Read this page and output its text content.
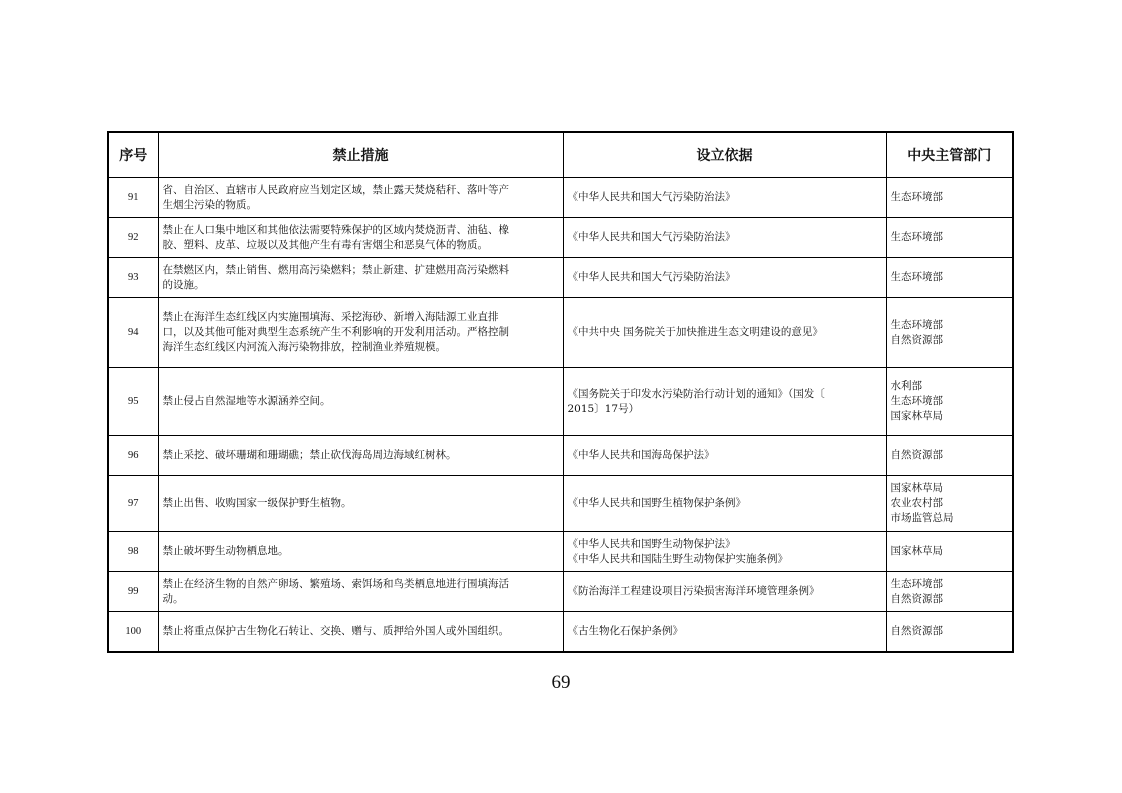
序号	禁止措施	设立依据	中央主管部门
91	省、自治区、直辖市人民政府应当划定区域，禁止露天焚烧秸秆、落叶等产
生烟尘污染的物质。	《中华人民共和国大气污染防治法》	生态环境部
92	禁止在人口集中地区和其他依法需要特殊保护的区域内焚烧沥青、油毡、橡
胶、塑料、皮革、垃圾以及其他产生有毒有害烟尘和恶臭气体的物质。	《中华人民共和国大气污染防治法》	生态环境部
93	在禁燃区内，禁止销售、燃用高污染燃料；禁止新建、扩建燃用高污染燃料
的设施。	《中华人民共和国大气污染防治法》	生态环境部
94	禁止在海洋生态红线区内实施围填海、采挖海砂、新增入海陆源工业直排
口，以及其他可能对典型生态系统产生不利影响的开发利用活动。严格控制
海洋生态红线区内河流入海污染物排放，控制渔业养殖规模。	《中共中央 国务院关于加快推进生态文明建设的意见》	生态环境部
自然资源部
95	禁止侵占自然湿地等水源涵养空间。	《国务院关于印发水污染防治行动计划的通知》（国发〔
2015〕17号）	水利部
生态环境部
国家林草局
96	禁止采挖、破坏珊瑚和珊瑚礁；禁止砍伐海岛周边海域红树林。	《中华人民共和国海岛保护法》	自然资源部
97	禁止出售、收购国家一级保护野生植物。	《中华人民共和国野生植物保护条例》	国家林草局
农业农村部
市场监管总局
98	禁止破坏野生动物栖息地。	《中华人民共和国野生动物保护法》
《中华人民共和国陆生野生动物保护实施条例》	国家林草局
99	禁止在经济生物的自然产卵场、繁殖场、索饵场和鸟类栖息地进行围填海活
动。	《防治海洋工程建设项目污染损害海洋环境管理条例》	生态环境部
自然资源部
100	禁止将重点保护古生物化石转让、交换、赠与、质押给外国人或外国组织。	《古生物化石保护条例》	自然资源部
69
